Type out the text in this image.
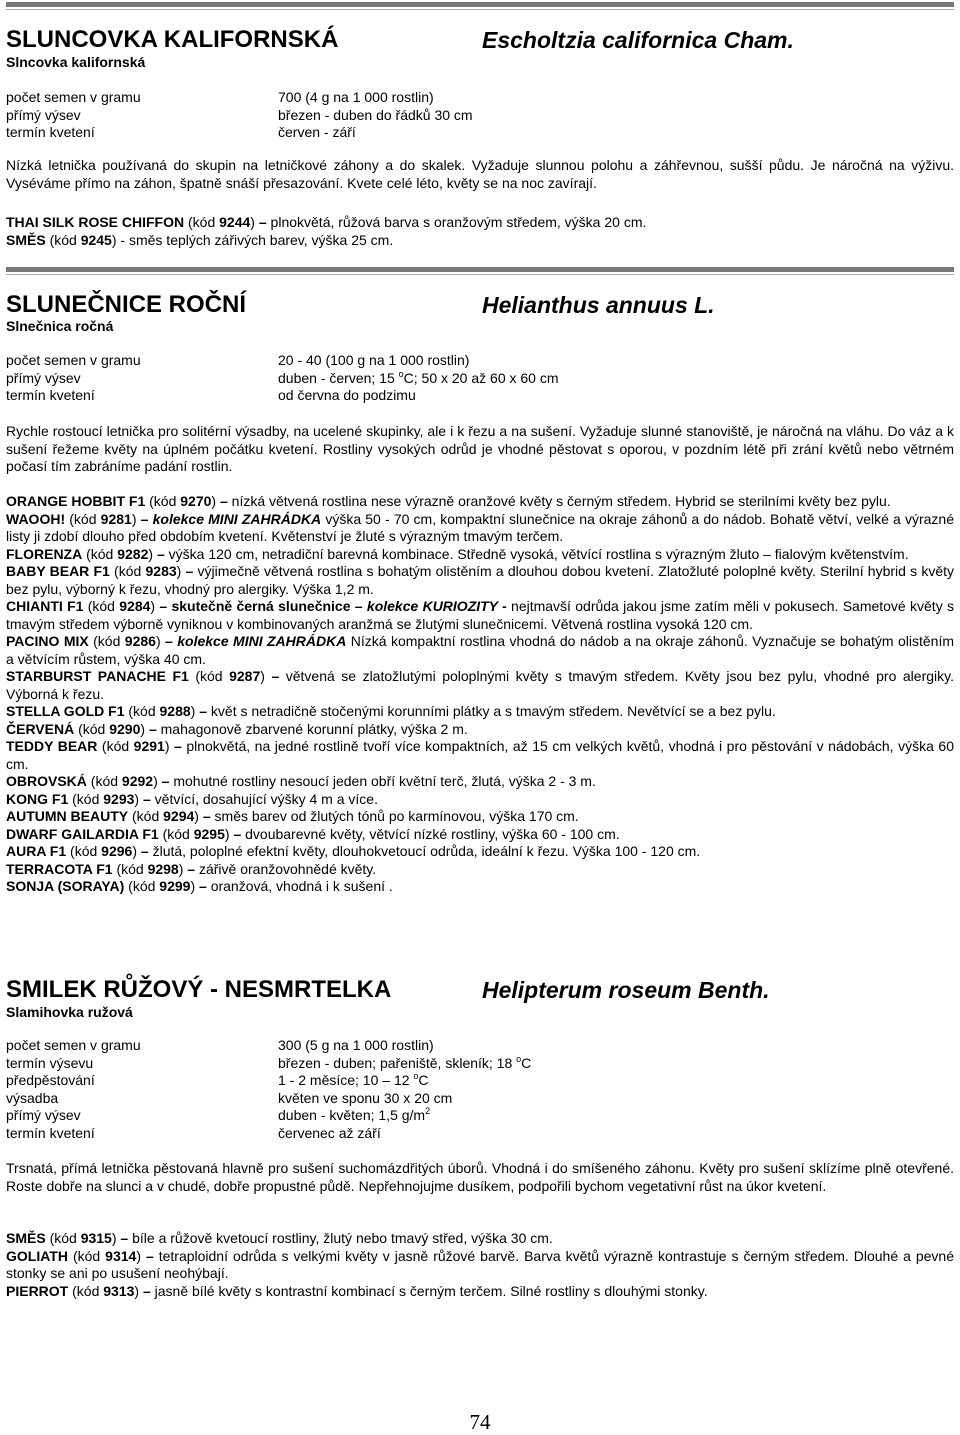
SLUNCOVKA KALIFORNSKÁ
Slncovka kalifornská
Escholtzia californica Cham.
počet semen v gramu	700 (4 g na 1 000 rostlin)
přímý výsev	březen - duben do řádků 30 cm
termín kvetení	červen - září

Nízká letnička používaná do skupin na letničkové záhony a do skalek. Vyžaduje slunnou polohu a záhřevnou, sušší půdu. Je náročná na výživu. Vyséváme přímo na záhon, špatně snáší přesazování. Kvete celé léto, květy se na noc zavírají.

THAI SILK ROSE CHIFFON (kód 9244) – plnokvětá, růžová barva s oranžovým středem, výška 20 cm.

SMĚS (kód 9245) - směs teplých zářivých barev, výška 25 cm.

SLUNEČNICE ROČNÍ
Slnečnica ročná
Helianthus annuus L.
počet semen v gramu	20 - 40 (100 g na 1 000 rostlin)
přímý výsev	duben - červen; 15 $^o$C; 50 x 20 až 60 x 60 cm
termín kvetení	od června do podzimu

Rychle rostoucí letnička pro solitérní výsadby, na ucelené skupinky, ale i k řezu a na sušení. Vyžaduje slunné stanoviště, je náročná na vláhu. Do váz a k sušení řežeme květy na úplném počátku kvetení. Rostliny vysokých odrůd je vhodné pěstovat s oporou, v pozdním létě při zrání květů nebo větrném počasí tím zabráníme padání rostlin.

ORANGE HOBBIT F1 (kód 9270) – nízká větvená rostlina nese výrazně oranžové květy s černým středem. Hybrid se sterilními květy bez pylu.

WAOOH! (kód 9281) – kolekce MINI ZAHRÁDKA výška 50 - 70 cm, kompaktní slunečnice na okraje záhonů a do nádob. Bohatě větví, velké a výrazné listy ji zdobí dlouho před obdobím kvetení. Květenství je žluté s výrazným tmavým terčem.

FLORENZA (kód 9282) – výška 120 cm, netradiční barevná kombinace. Středně vysoká, větvící rostlina s výrazným žluto – fialovým květenstvím.

BABY BEAR F1 (kód 9283) – výjimečně větvená rostlina s bohatým olistěním a dlouhou dobou kvetení. Zlatožluté poloplné květy. Sterilní hybrid s květy bez pylu, výborný k řezu, vhodný pro alergiky. Výška 1,2 m.

CHIANTI F1 (kód 9284) – skutečně černá slunečnice – kolekce KURIOZITY - nejtmavší odrůda jakou jsme zatím měli v pokusech. Sametové květy s tmavým středem výborně vyniknou v kombinovaných aranžmá se žlutými slunečnicemi. Větvená rostlina vysoká 120 cm.

PACINO MIX (kód 9286) – kolekce MINI ZAHRÁDKA Nízká kompaktní rostlina vhodná do nádob a na okraje záhonů. Vyznačuje se bohatým olistěním a větvícím růstem, výška 40 cm.

STARBURST PANACHE F1 (kód 9287) – větvená se zlatožlutými poloplnými květy s tmavým středem. Květy jsou bez pylu, vhodné pro alergiky. Výborná k řezu.

STELLA GOLD F1 (kód 9288) – květ s netradičně stočenými korunními plátky a s tmavým středem. Nevětvící se a bez pylu.

ČERVENÁ (kód 9290) – mahagonově zbarvené korunní plátky, výška 2 m.

TEDDY BEAR (kód 9291) – plnokvětá, na jedné rostlině tvoří více kompaktních, až 15 cm velkých květů, vhodná i pro pěstování v nádobách, výška 60 cm.

OBROVSKÁ (kód 9292) – mohutné rostliny nesoucí jeden obří květní terč, žlutá, výška 2 - 3 m.

KONG F1 (kód 9293) – větvící, dosahující výšky 4 m a více.

AUTUMN BEAUTY (kód 9294) – směs barev od žlutých tónů po karmínovou, výška 170 cm.

DWARF GAILARDIA F1 (kód 9295) – dvoubarevné květy, větvící nízké rostliny, výška 60 - 100 cm.

AURA F1 (kód 9296) – žlutá, poloplné efektní květy, dlouhokvetoucí odrůda, ideální k řezu. Výška 100 - 120 cm.

TERRACOTA F1 (kód 9298) – zářivě oranžovohnědé květy.

SONJA (SORAYA) (kód 9299) – oranžová, vhodná i k sušení .

SMILEK RŮŽOVÝ - NESMRTELKA
Slamihovka ružová
Helipterum roseum Benth.
počet semen v gramu	300 (5 g na 1 000 rostlin)
termín výsevu	březen - duben; pařeniště, skleník; 18 $^o$C
předpěstování	1 - 2 měsíce; 10 – 12 $^o$C
výsadba	květen ve sponu 30 x 20 cm
přímý výsev	duben - květen; 1,5 $g/m^2$
termín kvetení	červenec až září

Trsnatá, přímá letnička pěstovaná hlavně pro sušení suchomázdřitých úborů. Vhodná i do smíšeného záhonu. Květy pro sušení sklízíme plně otevřené. Roste dobře na slunci a v chudé, dobře propustné půdě. Nepřehnojujme dusíkem, podpořili bychom vegetativní růst na úkor kvetení.

SMĚS (kód 9315) – bíle a růžově kvetoucí rostliny, žlutý nebo tmavý střed, výška 30 cm.

GOLIATH (kód 9314) – tetraploidní odrůda s velkými květy v jasně růžové barvě. Barva květů výrazně kontrastuje s černým středem. Dlouhé a pevné stonky se ani po usušení neohýbají.

PIERROT (kód 9313) – jasně bílé květy s kontrastní kombinací s černým terčem. Silné rostliny s dlouhými stonky.

74
